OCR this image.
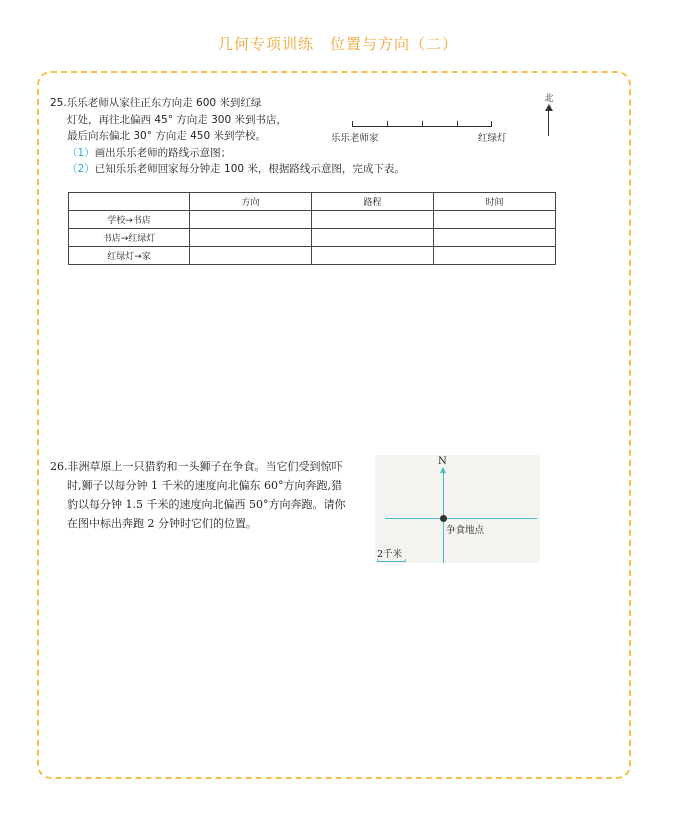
几何专项训练　位置与方向（二）
25.乐乐老师从家往正东方向走 600 米到红绿
灯处，再往北偏西 45° 方向走 300 米到书店，
最后向东偏北 30° 方向走 450 米到学校。
（1）画出乐乐老师的路线示意图；
（2）已知乐乐老师回家每分钟走 100 米，根据路线示意图，完成下表。
北
乐乐老师家	红绿灯
	方向	路程	时间
学校→书店			
书店→红绿灯			
红绿灯→家			
26.非洲草原上一只猎豹和一头狮子在争食。当它们受到惊吓
时,狮子以每分钟 1 千米的速度向北偏东 60°方向奔跑,猎
豹以每分钟 1.5 千米的速度向北偏西 50°方向奔跑。请你
在图中标出奔跑 2 分钟时它们的位置。
N
争食地点
2千米
